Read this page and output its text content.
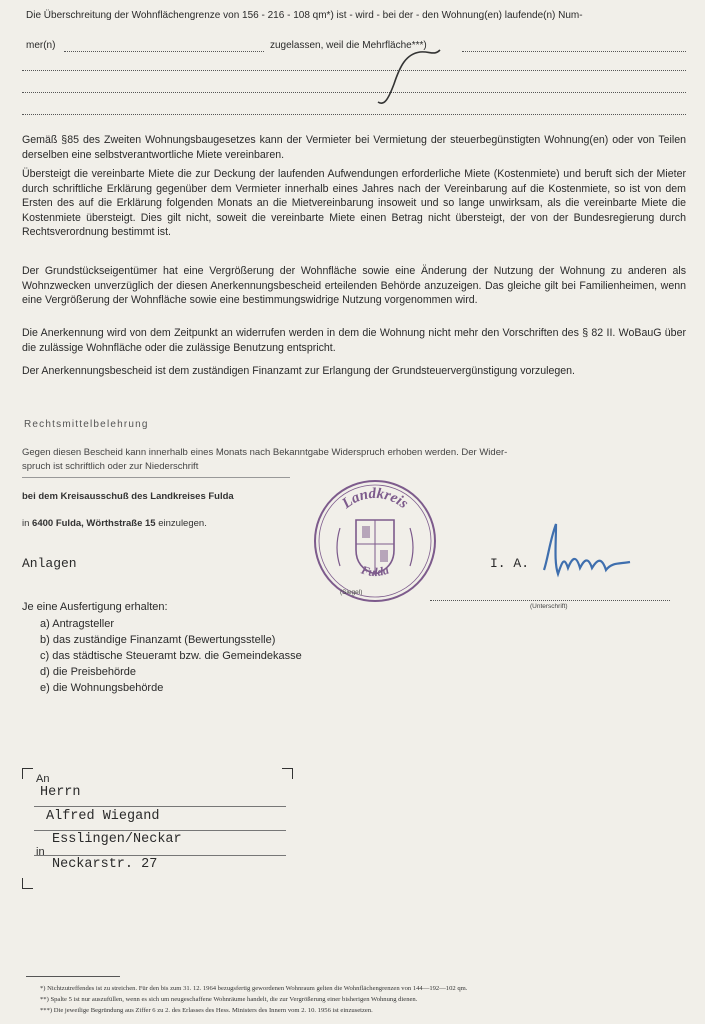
Die Überschreitung der Wohnflächengrenze von 156 - 216 - 108 qm*) ist - wird - bei der - den Wohnung(en) laufende(n) Num-
mer(n)	zugelassen, weil die Mehrfläche***)
Gemäß §85 des Zweiten Wohnungsbaugesetzes kann der Vermieter bei Vermietung der steuerbegünstigten Wohnung(en) oder von Teilen derselben eine selbstverantwortliche Miete vereinbaren.
Übersteigt die vereinbarte Miete die zur Deckung der laufenden Aufwendungen erforderliche Miete (Kostenmiete) und beruft sich der Mieter durch schriftliche Erklärung gegenüber dem Vermieter innerhalb eines Jahres nach der Vereinbarung auf die Kostenmiete, so ist von dem Ersten des auf die Erklärung folgenden Monats an die Mietvereinbarung insoweit und so lange unwirksam, als die vereinbarte Miete die Kostenmiete übersteigt. Dies gilt nicht, soweit die vereinbarte Miete einen Betrag nicht übersteigt, der von der Bundesregierung durch Rechtsverordnung bestimmt ist.
Der Grundstückseigentümer hat eine Vergrößerung der Wohnfläche sowie eine Änderung der Nutzung der Wohnung zu anderen als Wohnzwecken unverzüglich der diesen Anerkennungsbescheid erteilenden Behörde anzuzeigen. Das gleiche gilt bei Familienheimen, wenn eine Vergrößerung der Wohnfläche sowie eine bestimmungswidrige Nutzung vorgenommen wird.
Die Anerkennung wird von dem Zeitpunkt an widerrufen werden in dem die Wohnung nicht mehr den Vorschriften des § 82 II. WoBauG über die zulässige Wohnfläche oder die zulässige Benutzung entspricht.
Der Anerkennungsbescheid ist dem zuständigen Finanzamt zur Erlangung der Grundsteuervergünstigung vorzulegen.
Rechtsmittelbelehrung
Gegen diesen Bescheid kann innerhalb eines Monats nach Bekanntgabe Widerspruch erhoben werden. Der Wider-
spruch ist schriftlich oder zur Niederschrift
bei dem Kreisausschuß des Landkreises Fulda
in 6400 Fulda, Wörthstraße 15 einzulegen.
Landkreis
Fulda
(Siegel)
I. A.
(Unterschrift)
Anlagen
Je eine Ausfertigung erhalten:
a) Antragsteller
b) das zuständige Finanzamt (Bewertungsstelle)
c) das städtische Steueramt bzw. die Gemeindekasse
d) die Preisbehörde
e) die Wohnungsbehörde
An
Herrn
Alfred Wiegand
Esslingen/Neckar
in
Neckarstr. 27
*) Nichtzutreffendes ist zu streichen. Für den bis zum 31. 12. 1964 bezugsfertig gewordenen Wohnraum gelten die Wohnflächengrenzen von 144—192—102 qm.
**) Spalte 5 ist nur auszufüllen, wenn es sich um neugeschaffene Wohnräume handelt, die zur Vergrößerung einer bisherigen Wohnung dienen.
***) Die jeweilige Begründung aus Ziffer 6 zu 2. des Erlasses des Hess. Ministers des Innern vom 2. 10. 1956 ist einzusetzen.
